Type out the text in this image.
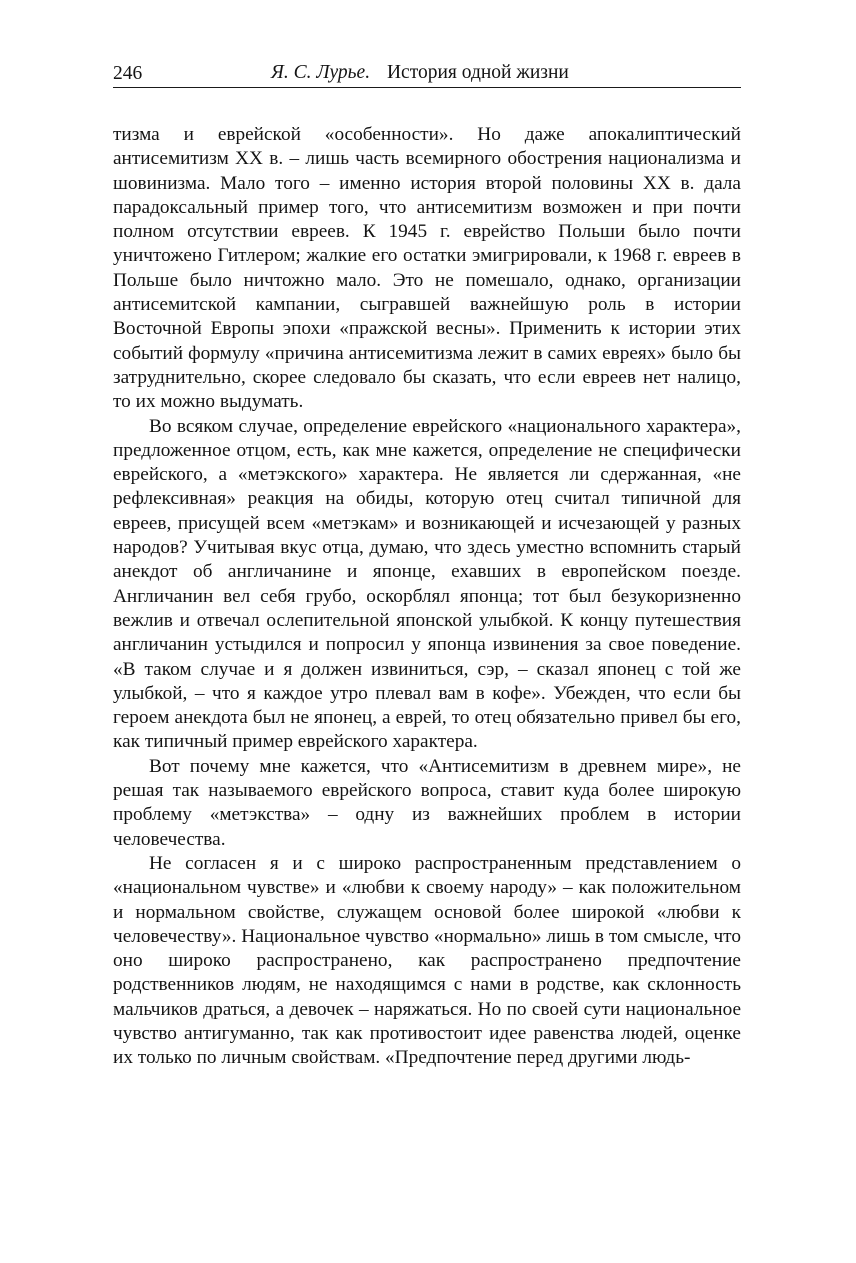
246	Я. С. Лурье. История одной жизни

тизма и еврейской «особенности». Но даже апокалиптический антисемитизм XX в. – лишь часть всемирного обострения национализма и шовинизма. Мало того – именно история второй половины XX в. дала парадоксальный пример того, что антисемитизм возможен и при почти полном отсутствии евреев. К 1945 г. еврейство Польши было почти уничтожено Гитлером; жалкие его остатки эмигрировали, к 1968 г. евреев в Польше было ничтожно мало. Это не помешало, однако, организации антисемитской кампании, сыгравшей важнейшую роль в истории Восточной Европы эпохи «пражской весны». Применить к истории этих событий формулу «причина антисемитизма лежит в самих евреях» было бы затруднительно, скорее следовало бы сказать, что если евреев нет налицо, то их можно выдумать.

Во всяком случае, определение еврейского «национального характера», предложенное отцом, есть, как мне кажется, определение не специфически еврейского, а «метэкского» характера. Не является ли сдержанная, «не рефлексивная» реакция на обиды, которую отец считал типичной для евреев, присущей всем «метэкам» и возникающей и исчезающей у разных народов? Учитывая вкус отца, думаю, что здесь уместно вспомнить старый анекдот об англичанине и японце, ехавших в европейском поезде. Англичанин вел себя грубо, оскорблял японца; тот был безукоризненно вежлив и отвечал ослепительной японской улыбкой. К концу путешествия англичанин устыдился и попросил у японца извинения за свое поведение. «В таком случае и я должен извиниться, сэр, – сказал японец с той же улыбкой, – что я каждое утро плевал вам в кофе». Убежден, что если бы героем анекдота был не японец, а еврей, то отец обязательно привел бы его, как типичный пример еврейского характера.

Вот почему мне кажется, что «Антисемитизм в древнем мире», не решая так называемого еврейского вопроса, ставит куда более широкую проблему «метэкства» – одну из важнейших проблем в истории человечества.

Не согласен я и с широко распространенным представлением о «национальном чувстве» и «любви к своему народу» – как положительном и нормальном свойстве, служащем основой более широкой «любви к человечеству». Национальное чувство «нормально» лишь в том смысле, что оно широко распространено, как распространено предпочтение родственников людям, не находящимся с нами в родстве, как склонность мальчиков драться, а девочек – наряжаться. Но по своей сути национальное чувство антигуманно, так как противостоит идее равенства людей, оценке их только по личным свойствам. «Предпочтение перед другими людь-
